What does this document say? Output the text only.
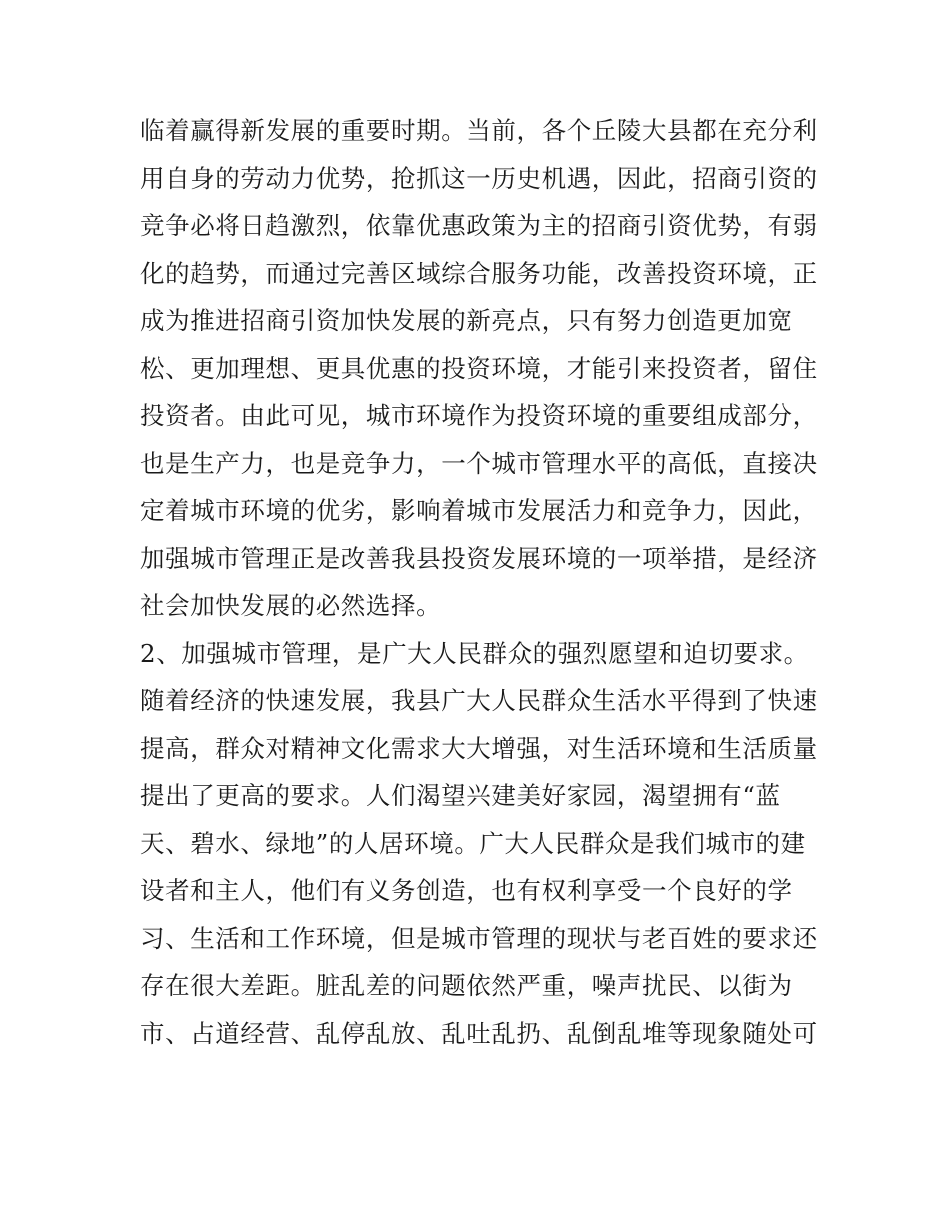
临着赢得新发展的重要时期。当前，各个丘陵大县都在充分利
用自身的劳动力优势，抢抓这一历史机遇，因此，招商引资的
竞争必将日趋激烈，依靠优惠政策为主的招商引资优势，有弱
化的趋势，而通过完善区域综合服务功能，改善投资环境，正
成为推进招商引资加快发展的新亮点，只有努力创造更加宽
松、更加理想、更具优惠的投资环境，才能引来投资者，留住
投资者。由此可见，城市环境作为投资环境的重要组成部分，
也是生产力，也是竞争力，一个城市管理水平的高低，直接决
定着城市环境的优劣，影响着城市发展活力和竞争力，因此，
加强城市管理正是改善我县投资发展环境的一项举措，是经济
社会加快发展的必然选择。
2、加强城市管理，是广大人民群众的强烈愿望和迫切要求。
随着经济的快速发展，我县广大人民群众生活水平得到了快速
提高，群众对精神文化需求大大增强，对生活环境和生活质量
提出了更高的要求。人们渴望兴建美好家园，渴望拥有“蓝
天、碧水、绿地”的人居环境。广大人民群众是我们城市的建
设者和主人，他们有义务创造，也有权利享受一个良好的学
习、生活和工作环境，但是城市管理的现状与老百姓的要求还
存在很大差距。脏乱差的问题依然严重，噪声扰民、以街为
市、占道经营、乱停乱放、乱吐乱扔、乱倒乱堆等现象随处可
